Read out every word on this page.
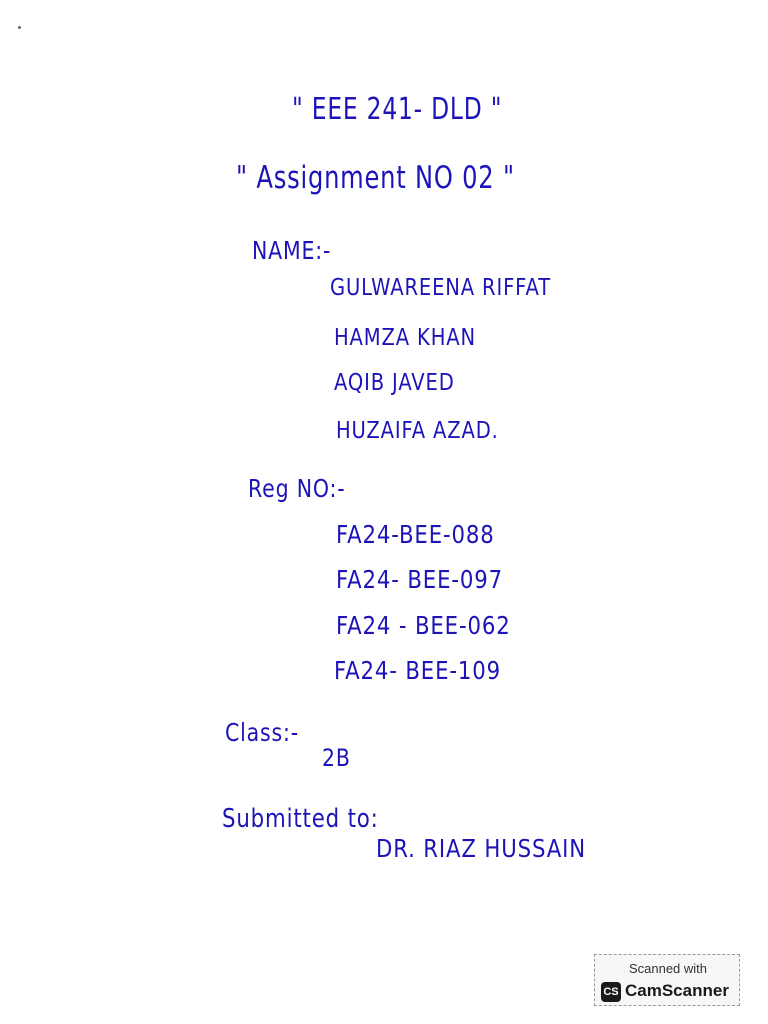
" EEE 241- DLD "
" Assignment NO 02 "
NAME:-
GULWAREENA RIFFAT
HAMZA KHAN
AQIB JAVED
HUZAIFA AZAD.
Reg NO:-
FA24-BEE-088
FA24- BEE-097
FA24 - BEE-062
FA24- BEE-109
Class:-
2B
Submitted to:
DR. RIAZ HUSSAIN
Scanned with
CS CamScanner
